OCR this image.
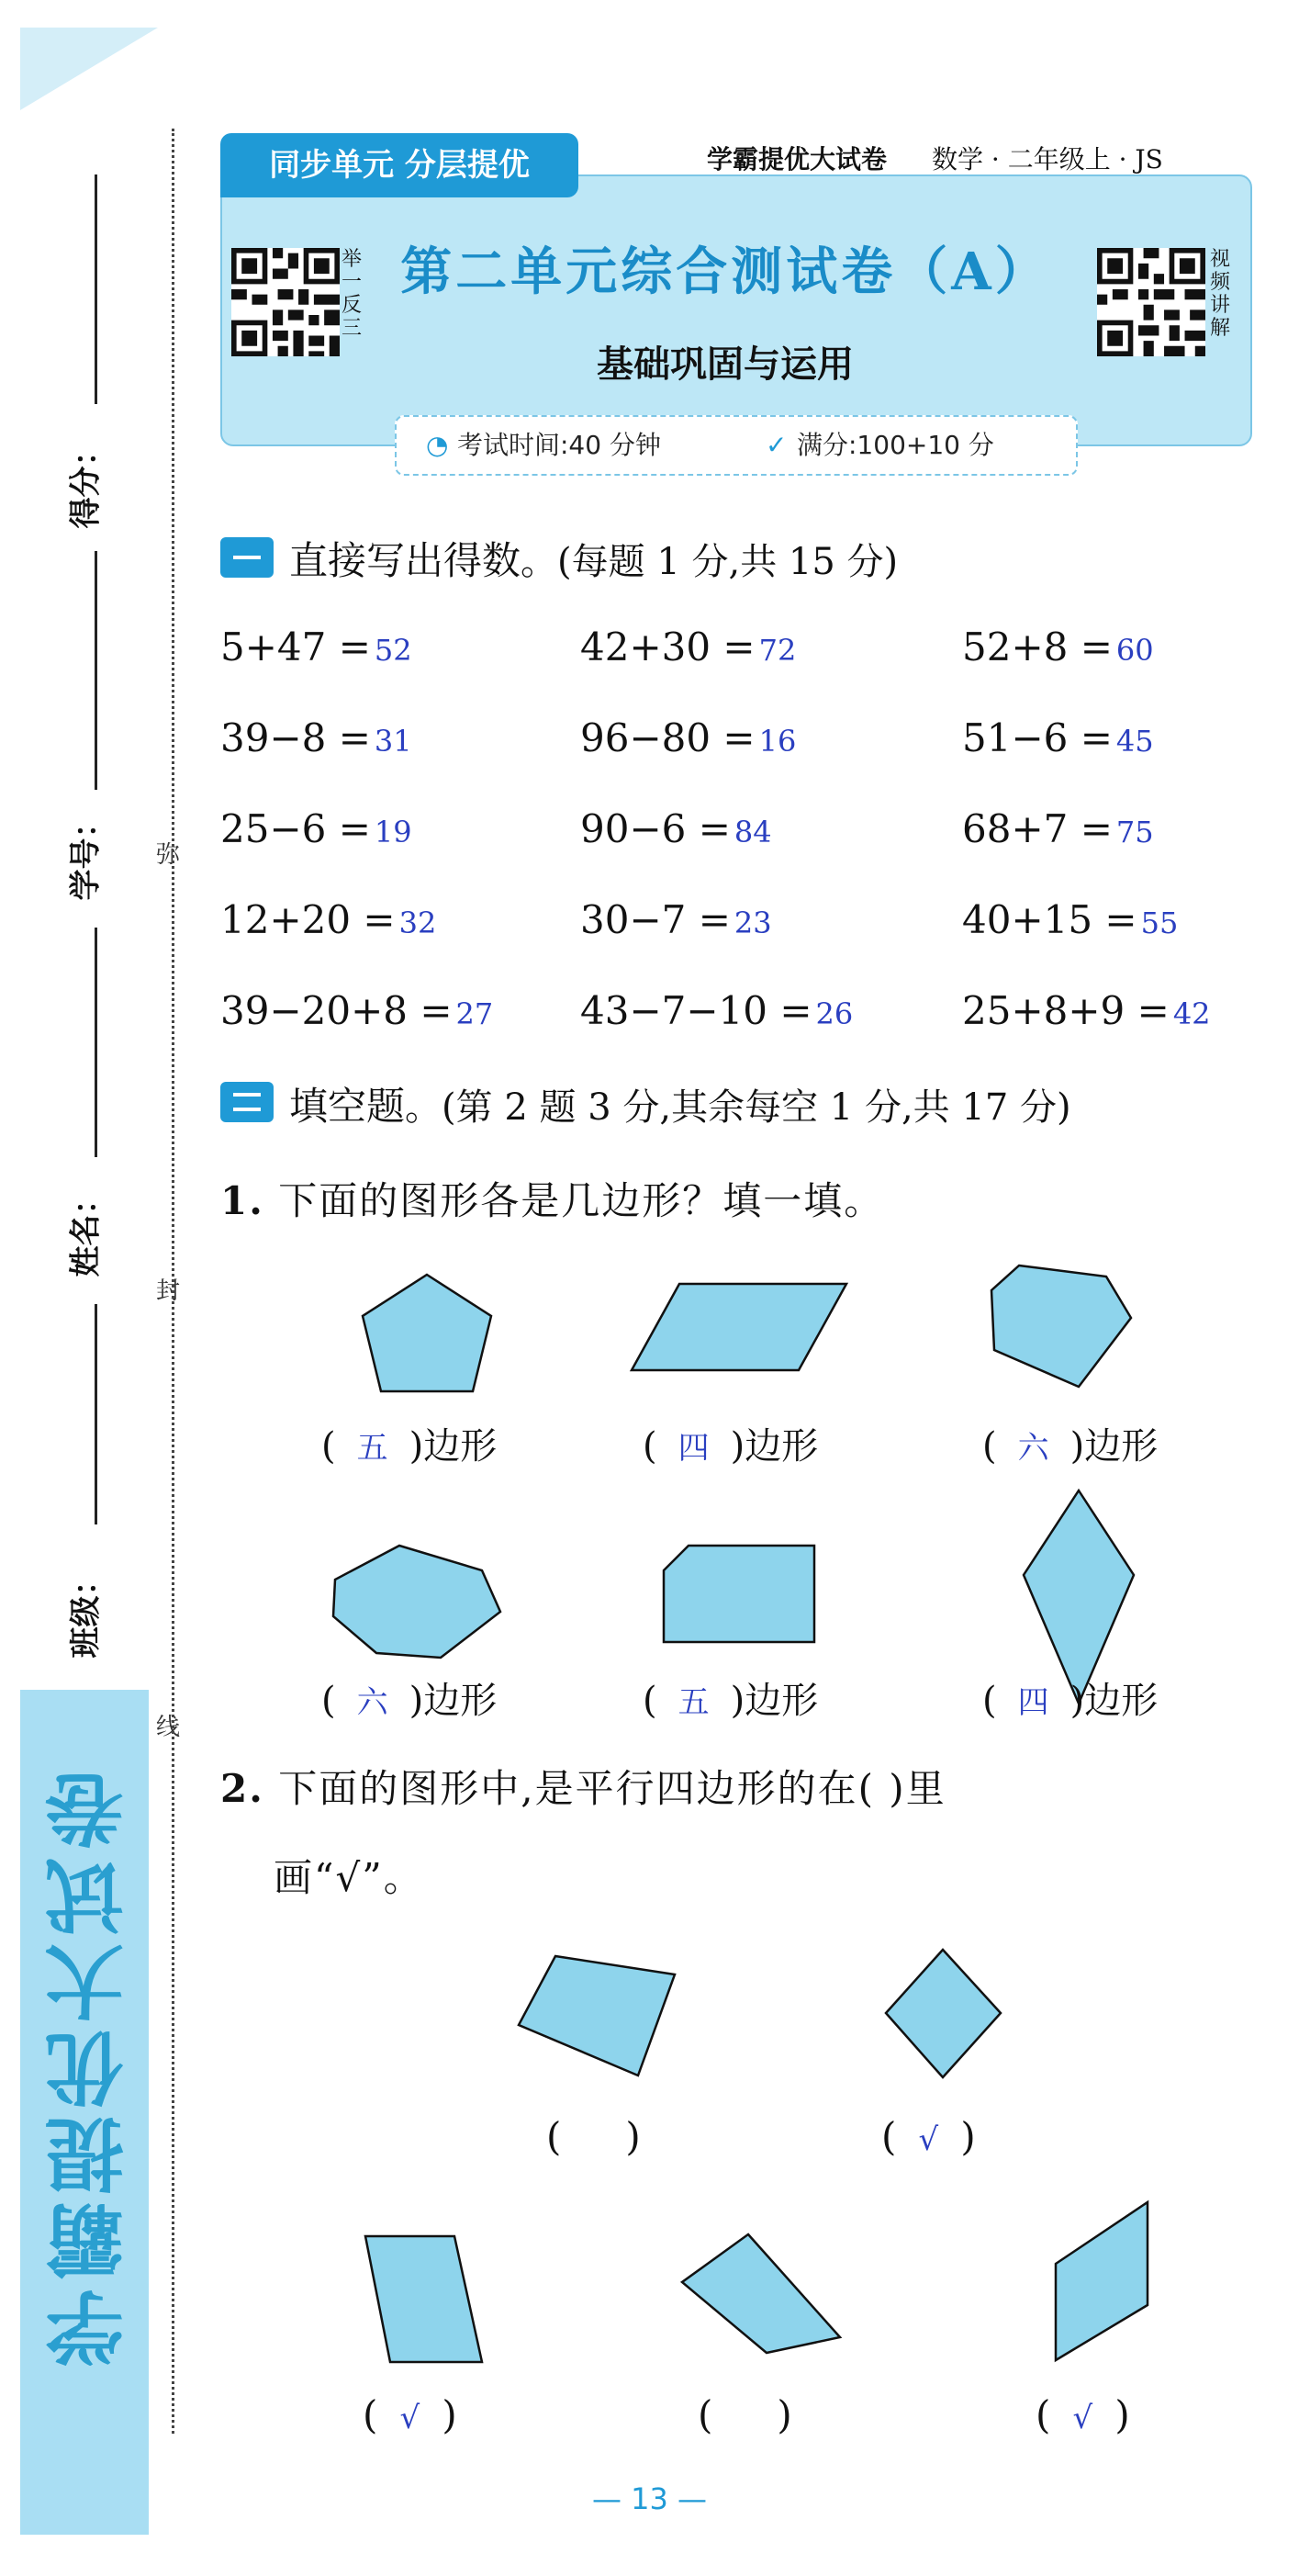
学霸提优大试卷
得分：
学号：
姓名：
班级：
弥
封
线
同步单元 分层提优	学霸提优大试卷 数学 · 二年级上 · JS
举一反三
视频讲解
第二单元综合测试卷（A）
基础巩固与运用
◔ 考试时间:40 分钟	✓ 满分:100+10 分
直接写出得数。(每题 1 分,共 15 分)
5+47 = 52	42+30 = 72	52+8 = 60
39−8 = 31	96−80 = 16	51−6 = 45
25−6 = 19	90−6 = 84	68+7 = 75
12+20 = 32	30−7 = 23	40+15 = 55
39−20+8 = 27 43−7−10 = 26	25+8+9 = 42
填空题。(第 2 题 3 分,其余每空 1 分,共 17 分)
1. 下面的图形各是几边形？填一填。
( 五 )边形	( 四 )边形	( 六 )边形
( 六 )边形	( 五 )边形	( 四 )边形
2. 下面的图形中,是平行四边形的在( )里
画“√”。
( )	( √ )
( √ )	( )	( √ )
— 13 —
